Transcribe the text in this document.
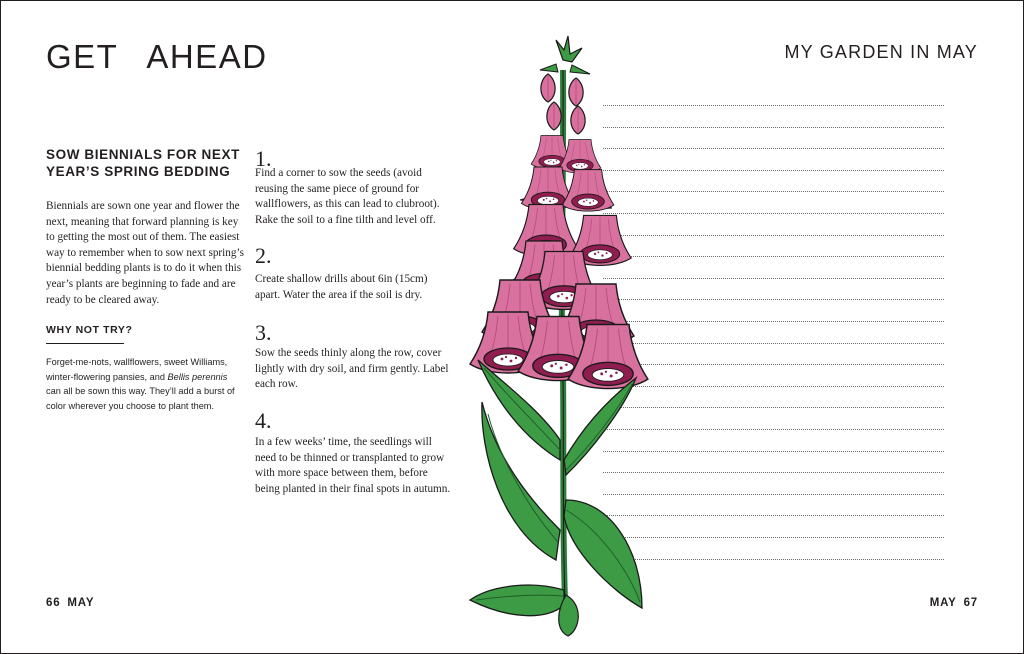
GET AHEAD
SOW BIENNIALS FOR NEXT YEAR’S SPRING BEDDING

Biennials are sown one year and flower the next, meaning that forward planning is key to getting the most out of them. The easiest way to remember when to sow next spring’s biennial bedding plants is to do it when this year’s plants are beginning to fade and are ready to be cleared away.

WHY NOT TRY?

Forget-me-nots, wallflowers, sweet Williams, winter-flowering pansies, and Bellis perennis can all be sown this way. They’ll add a burst of color wherever you choose to plant them.

1.

Find a corner to sow the seeds (avoid reusing the same piece of ground for wallflowers, as this can lead to clubroot). Rake the soil to a fine tilth and level off.

2.

Create shallow drills about 6in (15cm) apart. Water the area if the soil is dry.

3.

Sow the seeds thinly along the row, cover lightly with dry soil, and firm gently. Label each row.

4.

In a few weeks’ time, the seedlings will need to be thinned or transplanted to grow with more space between them, before being planted in their final spots in autumn.

66 MAY
MY GARDEN IN MAY
MAY 67
